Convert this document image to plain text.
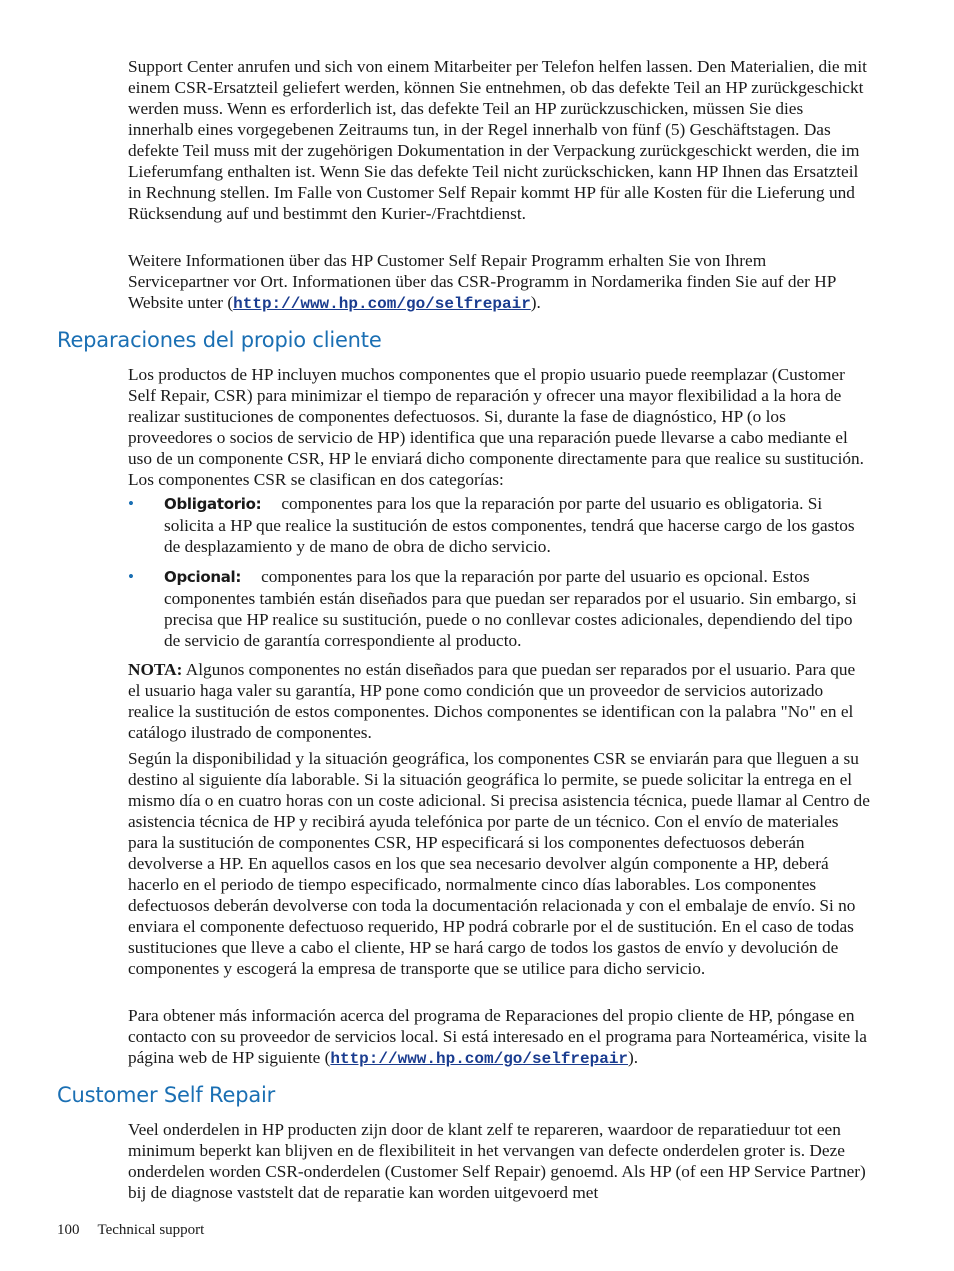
Support Center anrufen und sich von einem Mitarbeiter per Telefon helfen lassen. Den Materialien, die mit einem CSR-Ersatzteil geliefert werden, können Sie entnehmen, ob das defekte Teil an HP zurückgeschickt werden muss. Wenn es erforderlich ist, das defekte Teil an HP zurückzuschicken, müssen Sie dies innerhalb eines vorgegebenen Zeitraums tun, in der Regel innerhalb von fünf (5) Geschäftstagen. Das defekte Teil muss mit der zugehörigen Dokumentation in der Verpackung zurückgeschickt werden, die im Lieferumfang enthalten ist. Wenn Sie das defekte Teil nicht zurückschicken, kann HP Ihnen das Ersatzteil in Rechnung stellen. Im Falle von Customer Self Repair kommt HP für alle Kosten für die Lieferung und Rücksendung auf und bestimmt den Kurier-/Frachtdienst.

Weitere Informationen über das HP Customer Self Repair Programm erhalten Sie von Ihrem Servicepartner vor Ort. Informationen über das CSR-Programm in Nordamerika finden Sie auf der HP Website unter (http://www.hp.com/go/selfrepair).

Reparaciones del propio cliente

Los productos de HP incluyen muchos componentes que el propio usuario puede reemplazar (Customer Self Repair, CSR) para minimizar el tiempo de reparación y ofrecer una mayor flexibilidad a la hora de realizar sustituciones de componentes defectuosos. Si, durante la fase de diagnóstico, HP (o los proveedores o socios de servicio de HP) identifica que una reparación puede llevarse a cabo mediante el uso de un componente CSR, HP le enviará dicho componente directamente para que realice su sustitución. Los componentes CSR se clasifican en dos categorías:

• Obligatorio: componentes para los que la reparación por parte del usuario es obligatoria. Si solicita a HP que realice la sustitución de estos componentes, tendrá que hacerse cargo de los gastos de desplazamiento y de mano de obra de dicho servicio.
• Opcional: componentes para los que la reparación por parte del usuario es opcional. Estos componentes también están diseñados para que puedan ser reparados por el usuario. Sin embargo, si precisa que HP realice su sustitución, puede o no conllevar costes adicionales, dependiendo del tipo de servicio de garantía correspondiente al producto.

NOTA: Algunos componentes no están diseñados para que puedan ser reparados por el usuario. Para que el usuario haga valer su garantía, HP pone como condición que un proveedor de servicios autorizado realice la sustitución de estos componentes. Dichos componentes se identifican con la palabra "No" en el catálogo ilustrado de componentes.

Según la disponibilidad y la situación geográfica, los componentes CSR se enviarán para que lleguen a su destino al siguiente día laborable. Si la situación geográfica lo permite, se puede solicitar la entrega en el mismo día o en cuatro horas con un coste adicional. Si precisa asistencia técnica, puede llamar al Centro de asistencia técnica de HP y recibirá ayuda telefónica por parte de un técnico. Con el envío de materiales para la sustitución de componentes CSR, HP especificará si los componentes defectuosos deberán devolverse a HP. En aquellos casos en los que sea necesario devolver algún componente a HP, deberá hacerlo en el periodo de tiempo especificado, normalmente cinco días laborables. Los componentes defectuosos deberán devolverse con toda la documentación relacionada y con el embalaje de envío. Si no enviara el componente defectuoso requerido, HP podrá cobrarle por el de sustitución. En el caso de todas sustituciones que lleve a cabo el cliente, HP se hará cargo de todos los gastos de envío y devolución de componentes y escogerá la empresa de transporte que se utilice para dicho servicio.

Para obtener más información acerca del programa de Reparaciones del propio cliente de HP, póngase en contacto con su proveedor de servicios local. Si está interesado en el programa para Norteamérica, visite la página web de HP siguiente (http://www.hp.com/go/selfrepair).

Customer Self Repair

Veel onderdelen in HP producten zijn door de klant zelf te repareren, waardoor de reparatieduur tot een minimum beperkt kan blijven en de flexibiliteit in het vervangen van defecte onderdelen groter is. Deze onderdelen worden CSR-onderdelen (Customer Self Repair) genoemd. Als HP (of een HP Service Partner) bij de diagnose vaststelt dat de reparatie kan worden uitgevoerd met

100 Technical support
